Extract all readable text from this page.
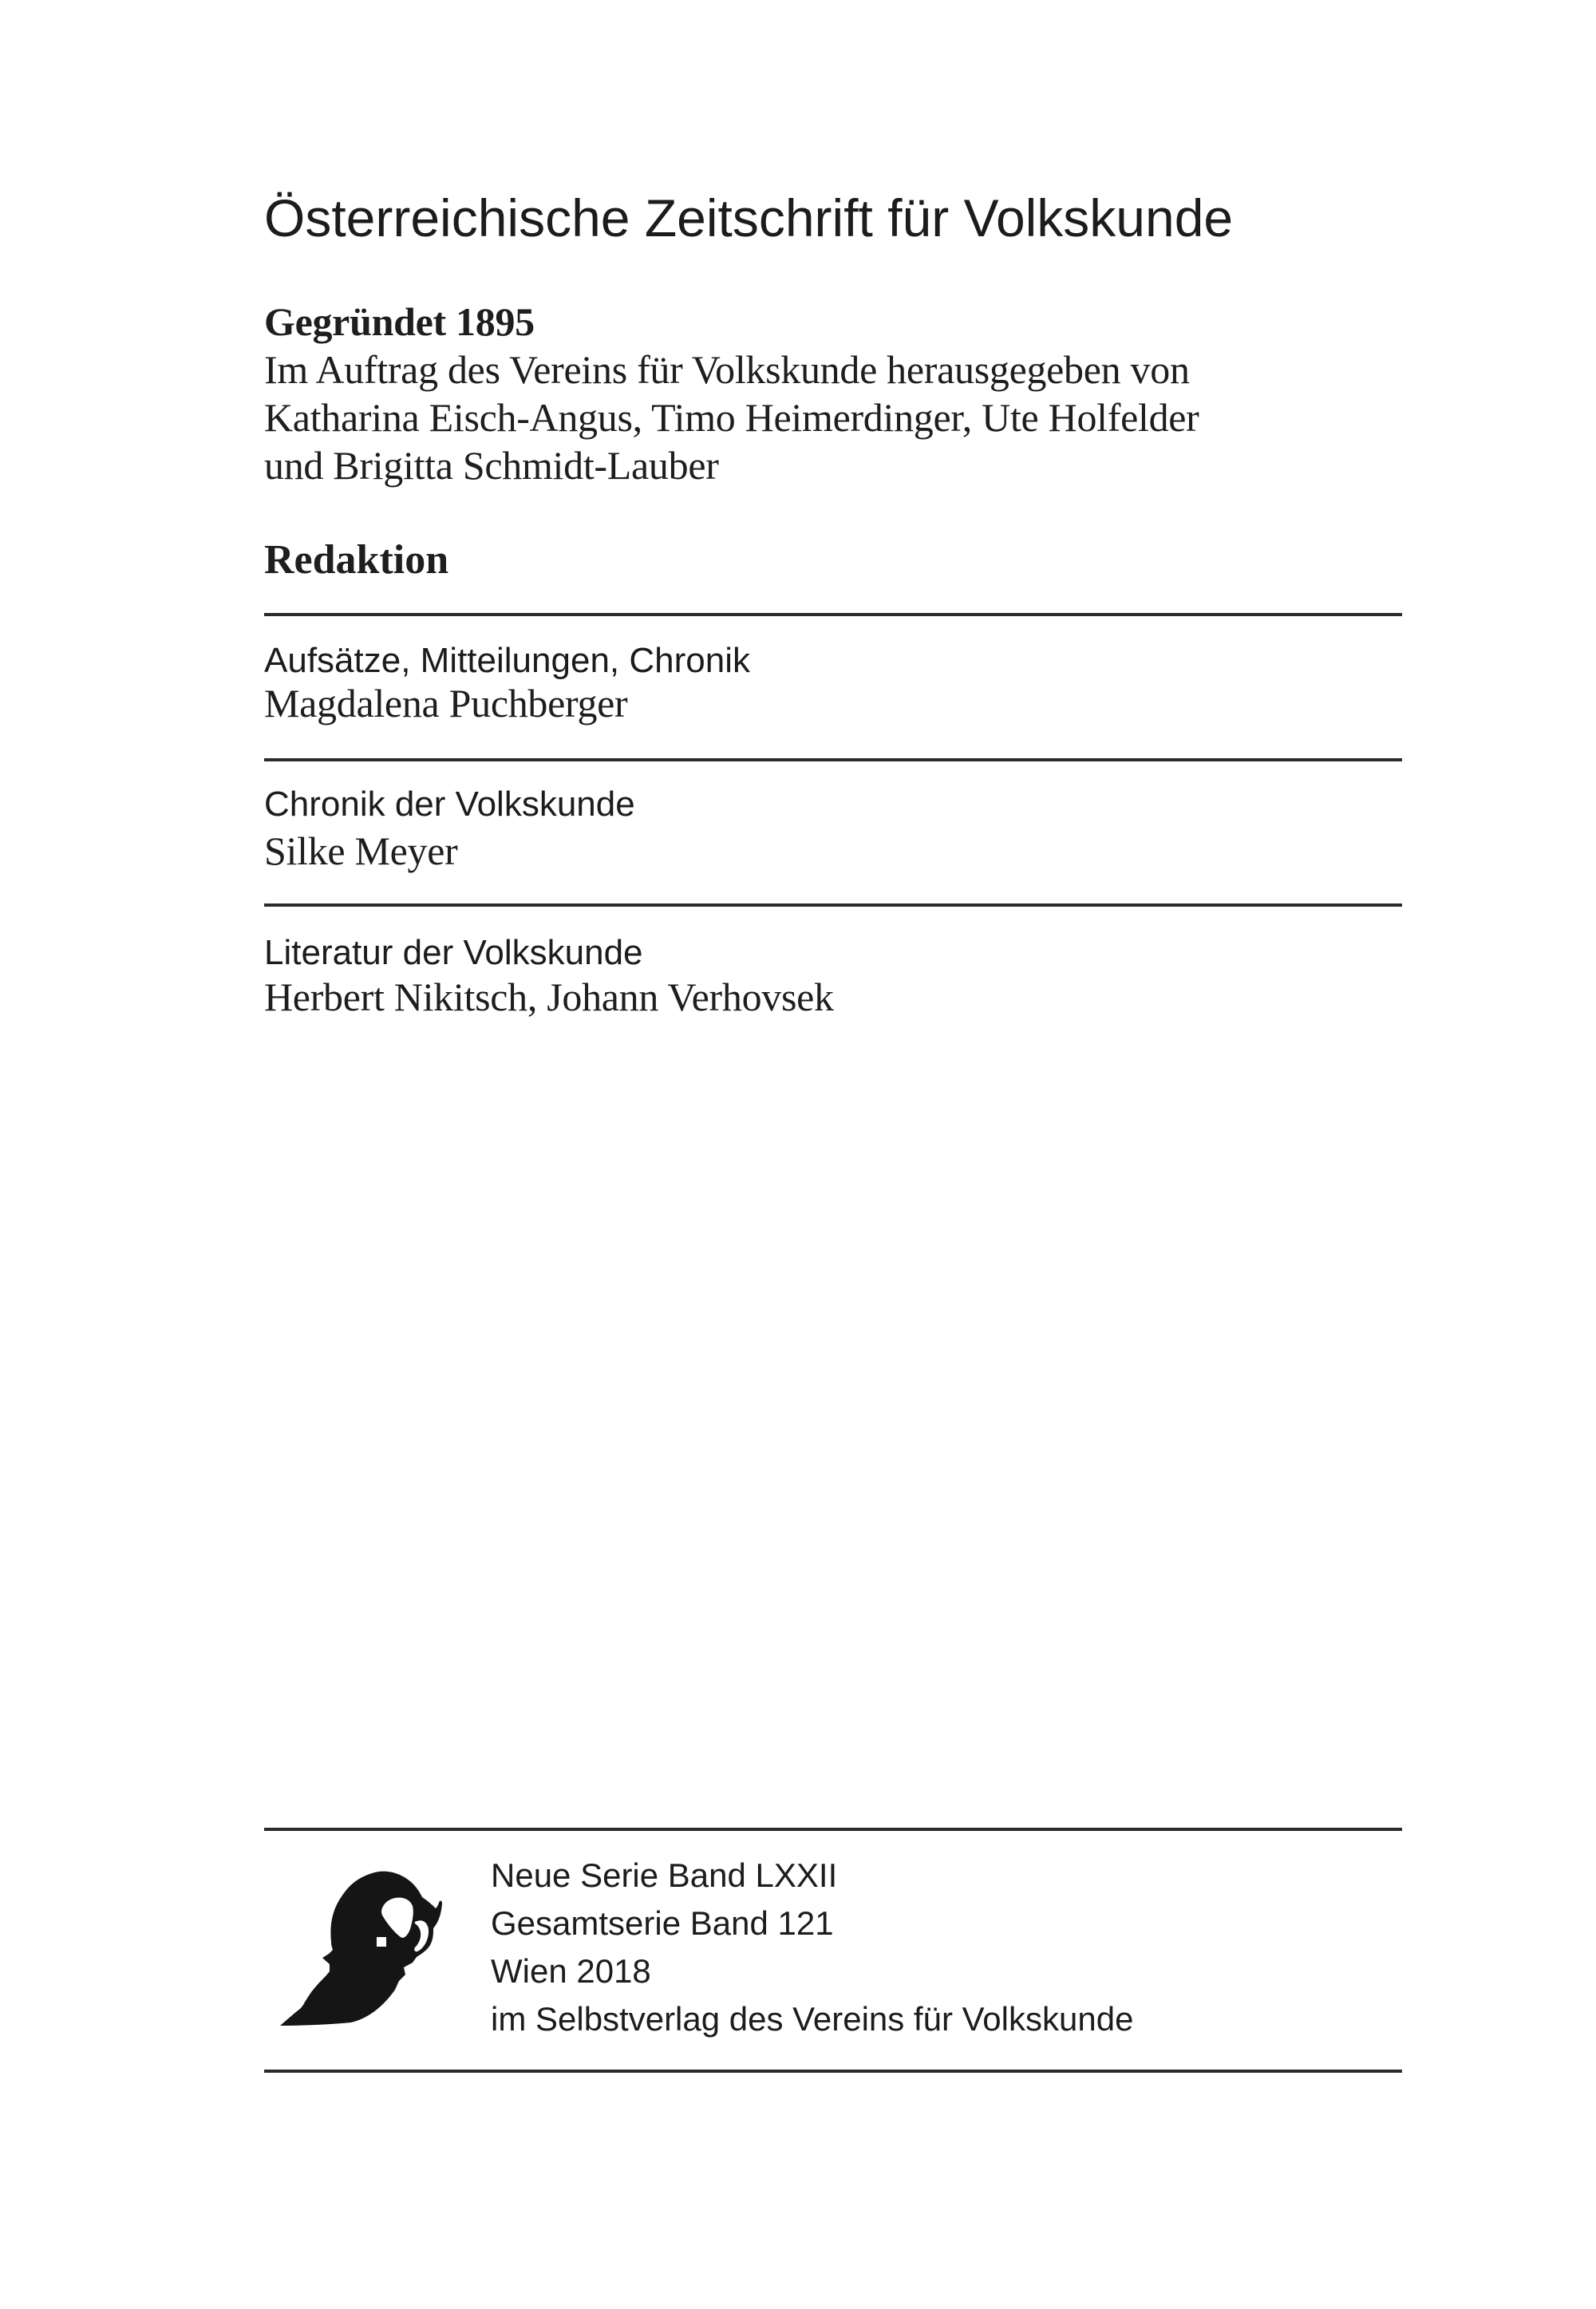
Österreichische Zeitschrift für Volkskunde
Gegründet 1895
Im Auftrag des Vereins für Volkskunde herausgegeben von
Katharina Eisch-Angus, Timo Heimerdinger, Ute Holfelder
und Brigitta Schmidt-Lauber
Redaktion
Aufsätze, Mitteilungen, Chronik
Magdalena Puchberger
Chronik der Volkskunde
Silke Meyer
Literatur der Volkskunde
Herbert Nikitsch, Johann Verhovsek
Neue Serie Band LXXII
Gesamtserie Band 121
Wien 2018
im Selbstverlag des Vereins für Volkskunde
